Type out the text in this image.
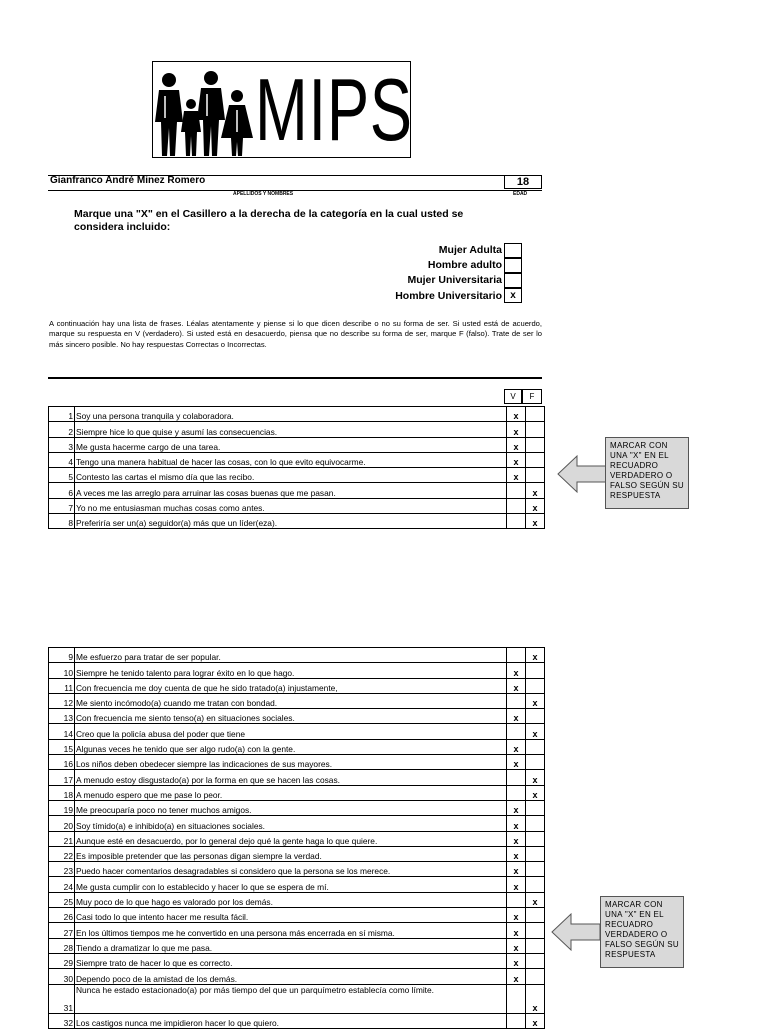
MIPS
Gianfranco André Minez Romero	18
APELLIDOS Y NOMBRES	EDAD
Marque una "X" en el Casillero a la derecha de la categoría en la cual usted se considera incluido:
Mujer Adulta
Hombre adulto
Mujer Universitaria
Hombre Universitario x
A continuación hay una lista de frases. Léalas atentamente y piense si lo que dicen describe o no su forma de ser. Si usted está de acuerdo, marque su respuesta en V (verdadero). Si usted está en desacuerdo, piensa que no describe su forma de ser, marque F (falso). Trate de ser lo más sincero posible. No hay respuestas Correctas o Incorrectas.
V	F
1	Soy una persona tranquila y colaboradora.	x	
2	Siempre hice lo que quise y asumí las consecuencias.	x	
3	Me gusta hacerme cargo de una tarea.	x	
4	Tengo una manera habitual de hacer las cosas, con lo que evito equivocarme.	x	
5	Contesto las cartas el mismo día que las recibo.	x	
6	A veces me las arreglo para arruinar las cosas buenas que me pasan.		x
7	Yo no me entusiasman muchas cosas como antes.		x
8	Preferiría ser un(a) seguidor(a) más que un líder(eza).		x
MARCAR CON UNA "X" EN EL RECUADRO VERDADERO O FALSO SEGÚN SU RESPUESTA
9	Me esfuerzo para tratar de ser popular.		x
10	Siempre he tenido talento para lograr éxito en lo que hago.	x	
11	Con frecuencia me doy cuenta de que he sido tratado(a) injustamente,	x	
12	Me siento incómodo(a) cuando me tratan con bondad.		x
13	Con frecuencia me siento tenso(a) en situaciones sociales.	x	
14	Creo que la policía abusa del poder que tiene		x
15	Algunas veces he tenido que ser algo rudo(a) con la gente.	x	
16	Los niños deben obedecer siempre las indicaciones de sus mayores.	x	
17	A menudo estoy disgustado(a) por la forma en que se hacen las cosas.		x
18	A menudo espero que me pase lo peor.		x
19	Me preocuparía poco no tener muchos amigos.	x	
20	Soy tímido(a) e inhibido(a) en situaciones sociales.	x	
21	Aunque esté en desacuerdo, por lo general dejo qué la gente haga lo que quiere.	x	
22	Es imposible pretender que las personas digan siempre la verdad.	x	
23	Puedo hacer comentarios desagradables si considero que la persona se los merece.	x	
24	Me gusta cumplir con lo establecido y hacer lo que se espera de mí.	x	
25	Muy poco de lo que hago es valorado por los demás.		x
26	Casi todo lo que intento hacer me resulta fácil.	x	
27	En los últimos tiempos me he convertido en una persona más encerrada en sí misma.	x	
28	Tiendo a dramatizar lo que me pasa.	x	
29	Siempre trato de hacer lo que es correcto.	x	
30	Dependo poco de la amistad de los demás.	x	
31	Nunca he estado estacionado(a) por más tiempo del que un parquímetro establecía como límite.		x
32	Los castigos nunca me impidieron hacer lo que quiero.		x
MARCAR CON UNA "X" EN EL RECUADRO VERDADERO O FALSO SEGÚN SU RESPUESTA
